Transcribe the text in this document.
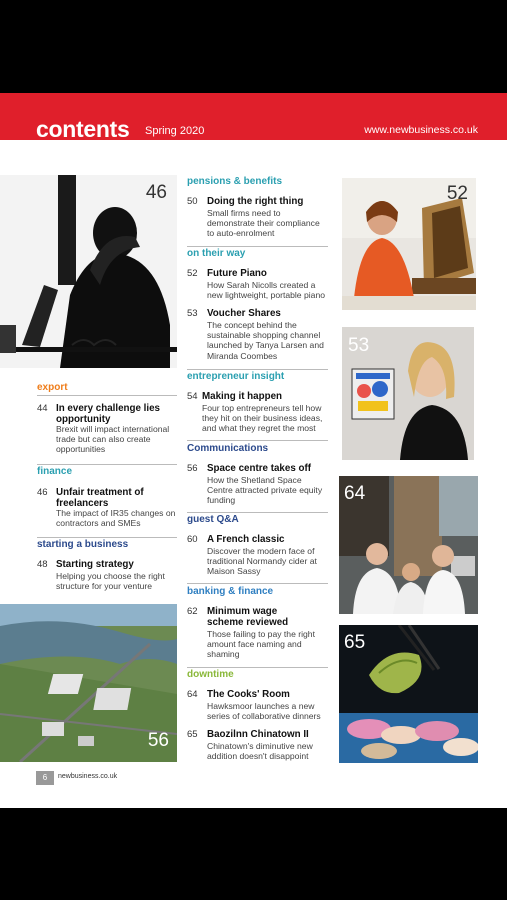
contents Spring 2020	www.newbusiness.co.uk
46
56
export
44 In every challenge lies opportunity
Brexit will impact international trade but can also create opportunities
finance
46 Unfair treatment of freelancers
The impact of IR35 changes on contractors and SMEs
starting a business
48 Starting strategy
Helping you choose the right structure for your venture
pensions & benefits
50 Doing the right thing
Small firms need to demonstrate their compliance to auto-enrolment
on their way
52 Future Piano
How Sarah Nicolls created a new lightweight, portable piano
53 Voucher Shares
The concept behind the sustainable shopping channel launched by Tanya Larsen and Miranda Coombes
entrepreneur insight
54 Making it happen
Four top entrepreneurs tell how they hit on their business ideas, and what they regret the most
Communications
56 Space centre takes off
How the Shetland Space Centre attracted private equity funding
guest Q&A
60 A French classic
Discover the modern face of traditional Normandy cider at Maison Sassy
banking & finance
62 Minimum wage scheme reviewed
Those failing to pay the right amount face naming and shaming
downtime
64 The Cooks' Room
Hawksmoor launches a new series of collaborative dinners
65 Baozilnn Chinatown II
Chinatown's diminutive new addition doesn't disappoint
52
53
64
65
6	newbusiness.co.uk
